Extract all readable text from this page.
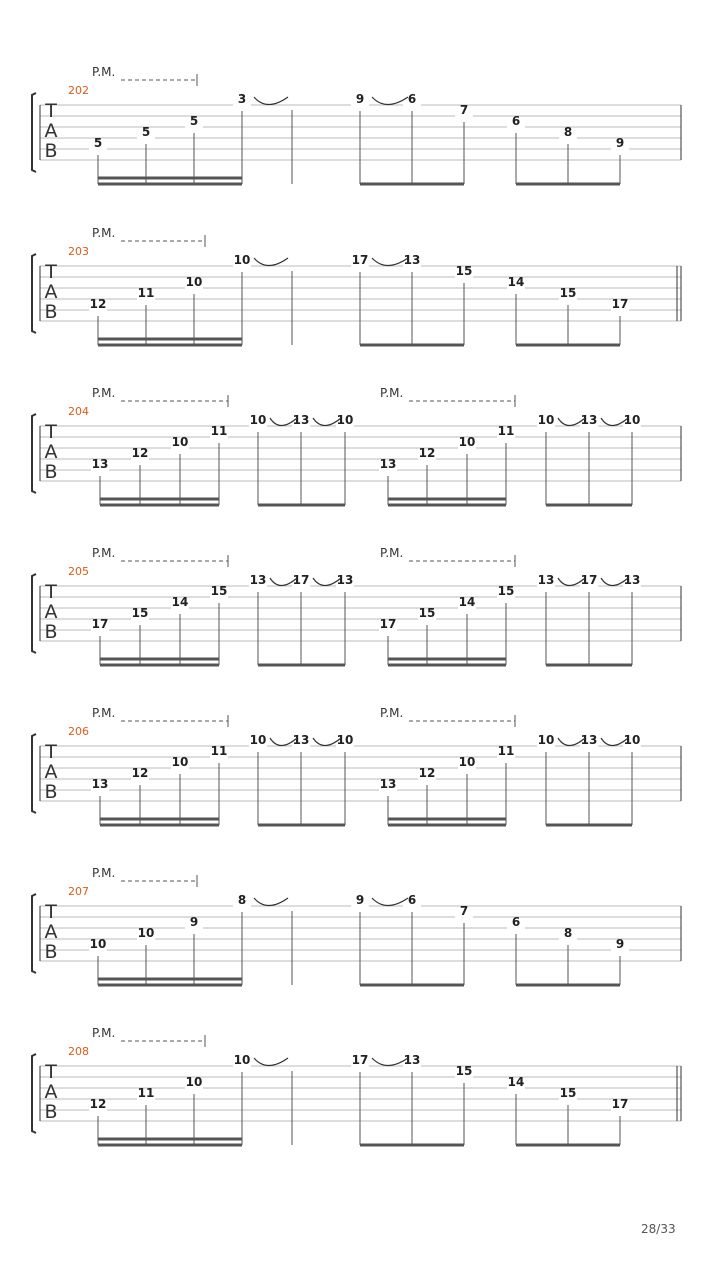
T
A
B
202
P.M.
5
5
5
3	9	6
7
6
8
9
T
A
B
203
P.M.
12
11
10
10	17	13
15
14
15
17
T
A
B
204
P.M.	P.M.
13
12
10
11
10 13 10
13
12
10
11
10 13 10
T
A
B
205
P.M.	P.M.
17
15
14
15
13 17 13
17
15
14
15
13 17 13
T
A
B
206
P.M.	P.M.
13
12
10
11
10 13 10
13
12
10
11
10 13 10
T
A
B
207
P.M.
10
10
9
8	9	6
7
6
8
9
T
A
B
208
P.M.
12
11
10
10	17	13
15
14
15
17
28/33
